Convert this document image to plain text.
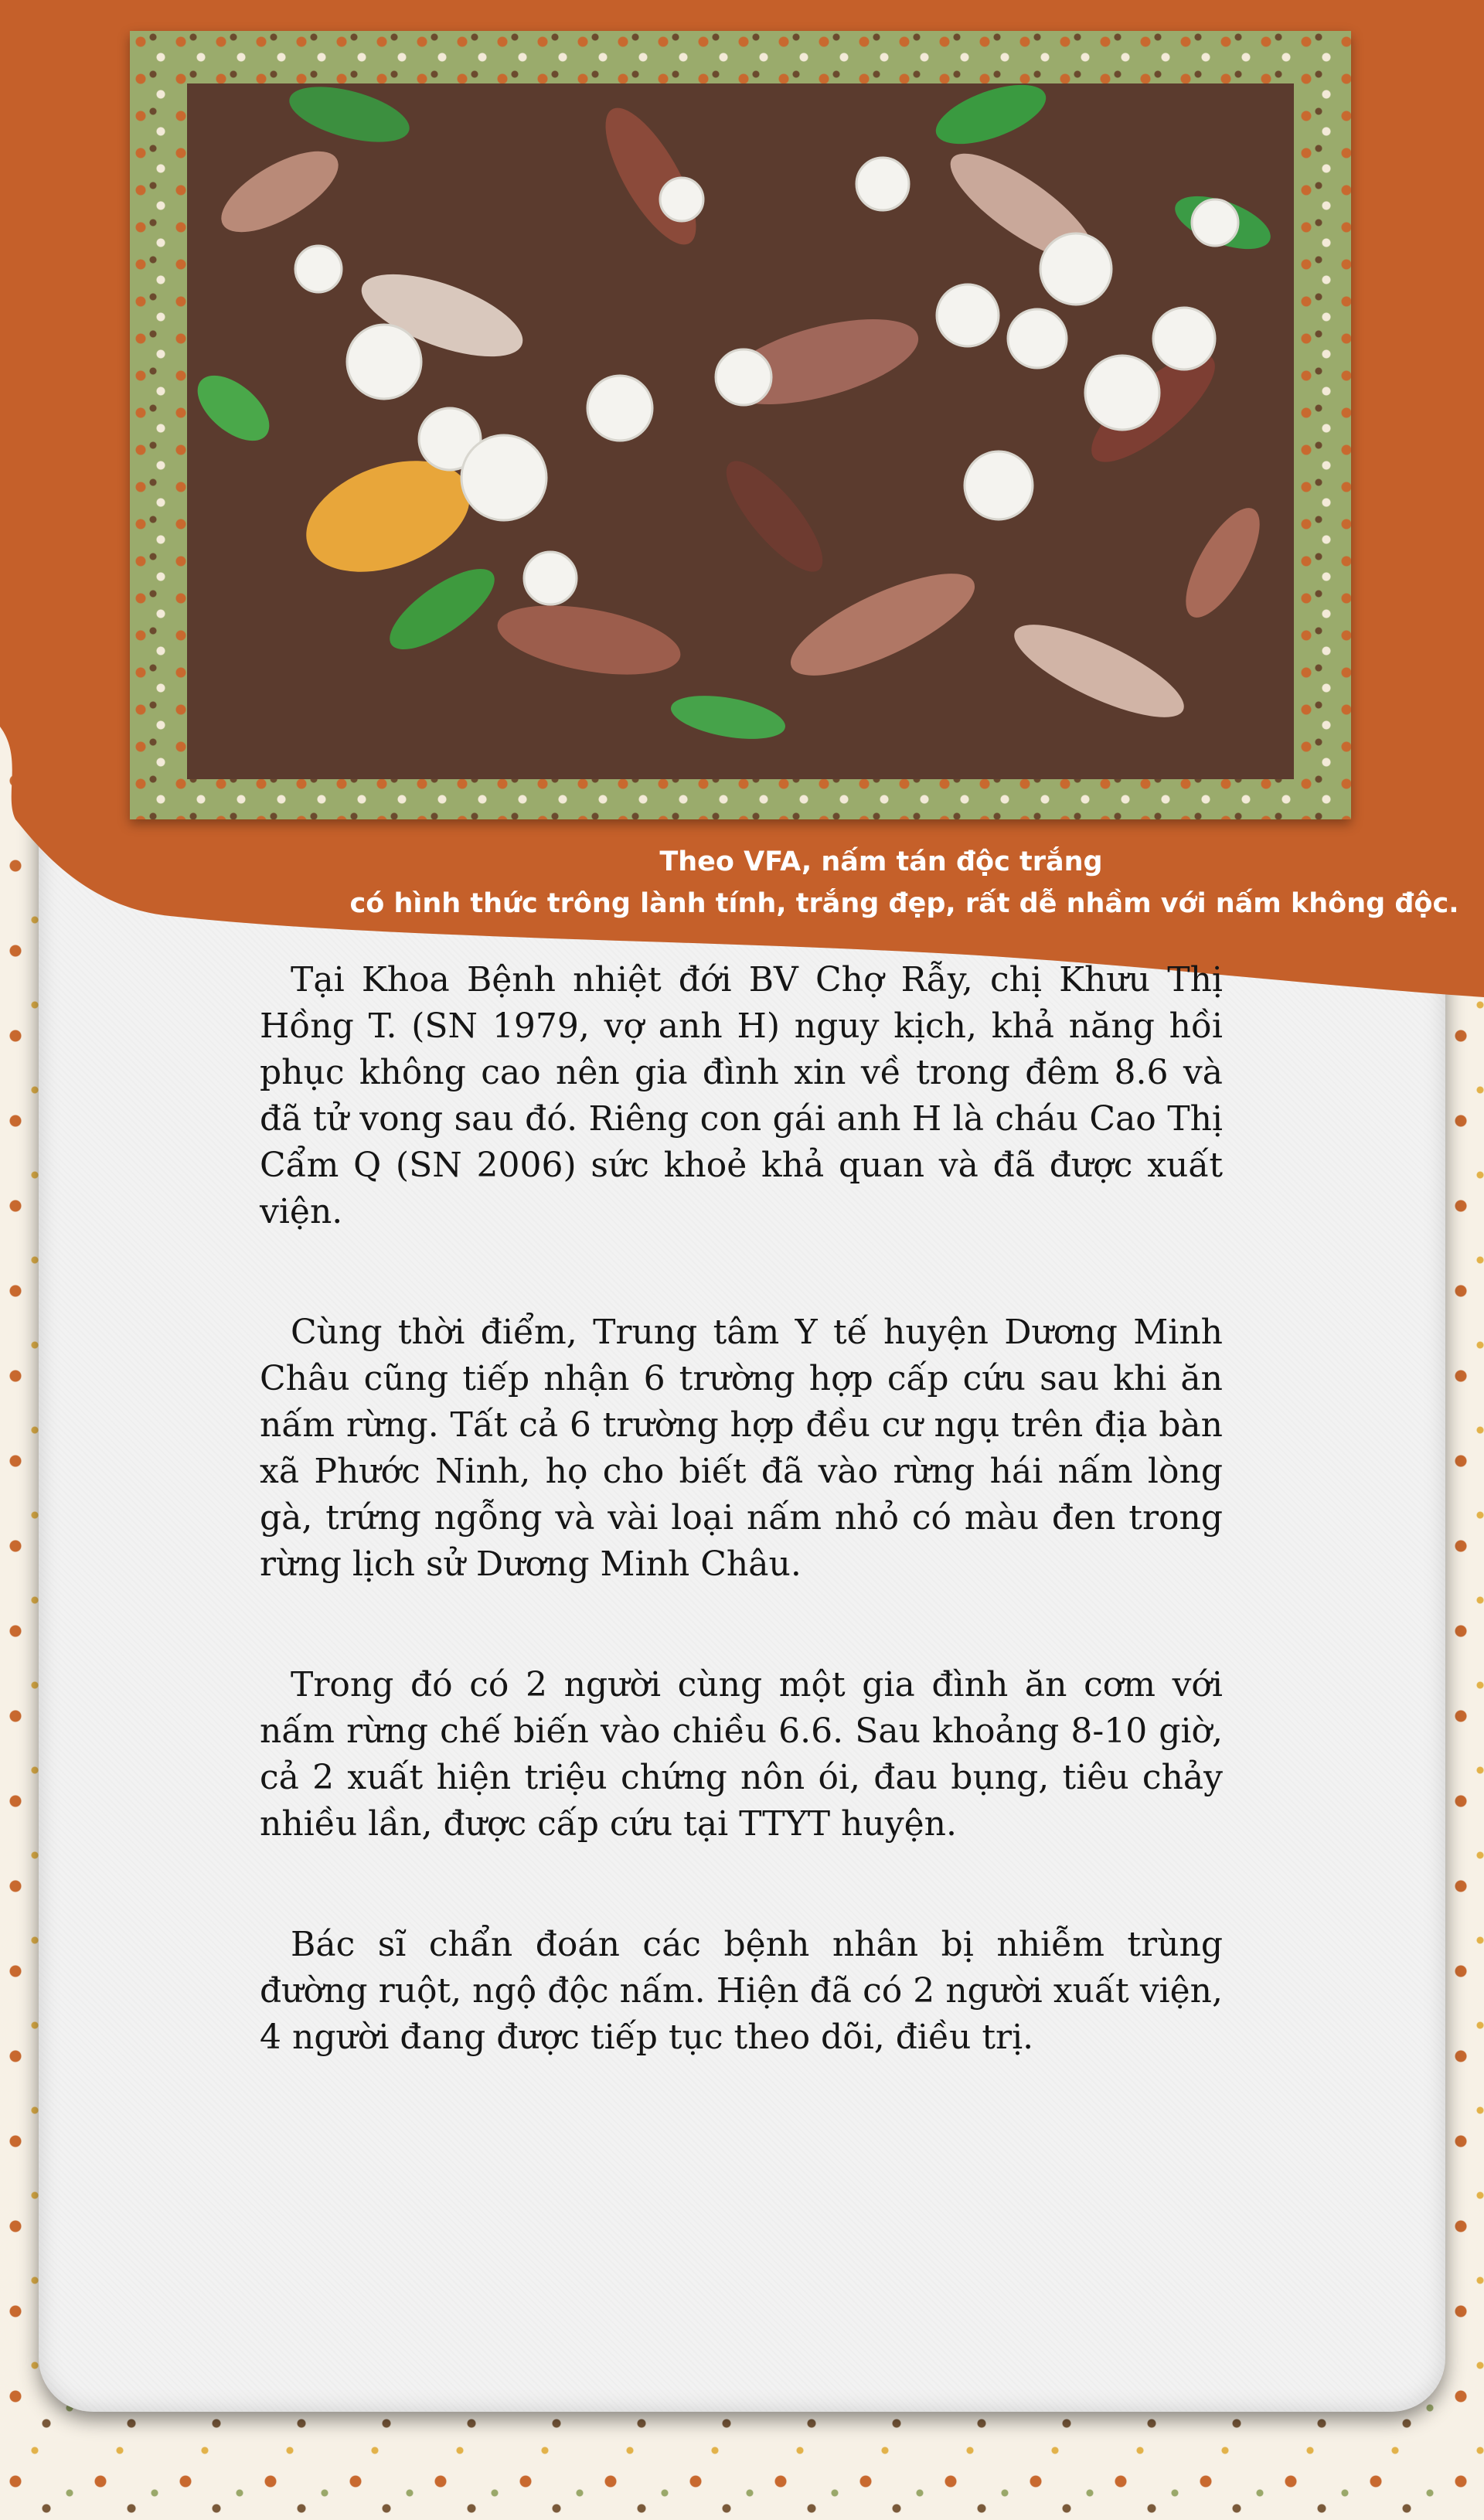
Theo VFA, nấm tán độc trắng
có hình thức trông lành tính, trắng đẹp, rất dễ nhầm với nấm không độc.

Tại Khoa Bệnh nhiệt đới BV Chợ Rẫy, chị Khưu Thị Hồng T. (SN 1979, vợ anh H) nguy kịch, khả năng hồi phục không cao nên gia đình xin về trong đêm 8.6 và đã tử vong sau đó. Riêng con gái anh H là cháu Cao Thị Cẩm Q (SN 2006) sức khoẻ khả quan và đã được xuất viện.

Cùng thời điểm, Trung tâm Y tế huyện Dương Minh Châu cũng tiếp nhận 6 trường hợp cấp cứu sau khi ăn nấm rừng. Tất cả 6 trường hợp đều cư ngụ trên địa bàn xã Phước Ninh, họ cho biết đã vào rừng hái nấm lòng gà, trứng ngỗng và vài loại nấm nhỏ có màu đen trong rừng lịch sử Dương Minh Châu.

Trong đó có 2 người cùng một gia đình ăn cơm với nấm rừng chế biến vào chiều 6.6. Sau khoảng 8-10 giờ, cả 2 xuất hiện triệu chứng nôn ói, đau bụng, tiêu chảy nhiều lần, được cấp cứu tại TTYT huyện.

Bác sĩ chẩn đoán các bệnh nhân bị nhiễm trùng đường ruột, ngộ độc nấm. Hiện đã có 2 người xuất viện, 4 người đang được tiếp tục theo dõi, điều trị.
